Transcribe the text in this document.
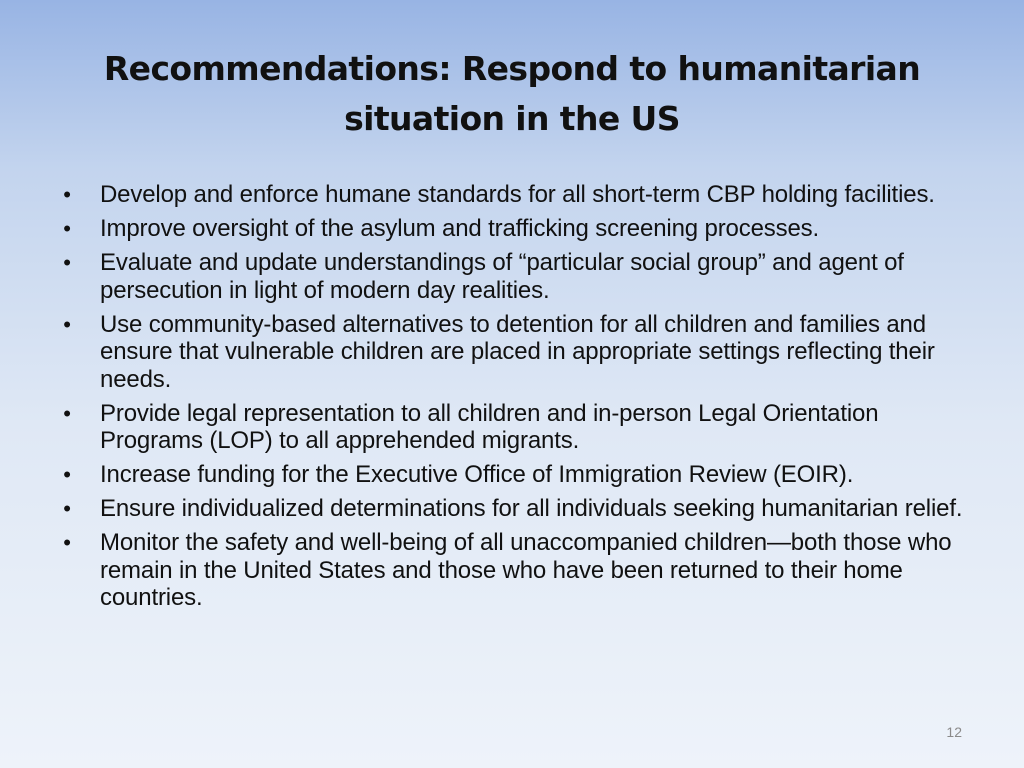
Recommendations: Respond to humanitarian situation in the US
• Develop and enforce humane standards for all short-term CBP holding facilities.
• Improve oversight of the asylum and trafficking screening processes.
• Evaluate and update understandings of “particular social group” and agent of persecution in light of modern day realities.
• Use community-based alternatives to detention for all children and families and ensure that vulnerable children are placed in appropriate settings reflecting their needs.
• Provide legal representation to all children and in-person Legal Orientation Programs (LOP) to all apprehended migrants.
• Increase funding for the Executive Office of Immigration Review (EOIR).
• Ensure individualized determinations for all individuals seeking humanitarian relief.
• Monitor the safety and well-being of all unaccompanied children—both those who remain in the United States and those who have been returned to their home countries.
12
